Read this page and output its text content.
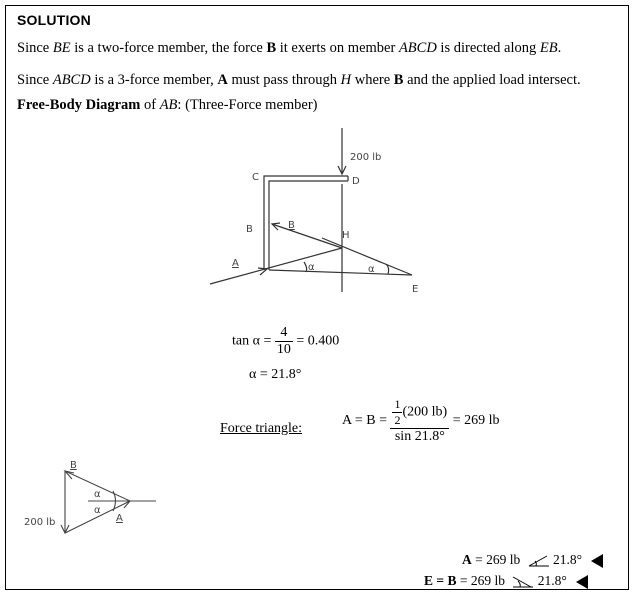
SOLUTION
Since BE is a two-force member, the force B it exerts on member ABCD is directed along EB.
Since ABCD is a 3-force member, A must pass through H where B and the applied load intersect.
Free-Body Diagram of AB: (Three-Force member)
200 lb
C	D
B	B
H
A	α	α
E
$\tan \alpha = \frac{4}{10} = 0.400$
α = 21.8°
Force triangle:
$A = B = \frac{\frac{1}{2} (200 lb)}{\sin 21.8^\circ} = 269$ lb
B
α
α
A
200 lb
A = 269 lb 21.8°
E = B = 269 lb 21.8°
